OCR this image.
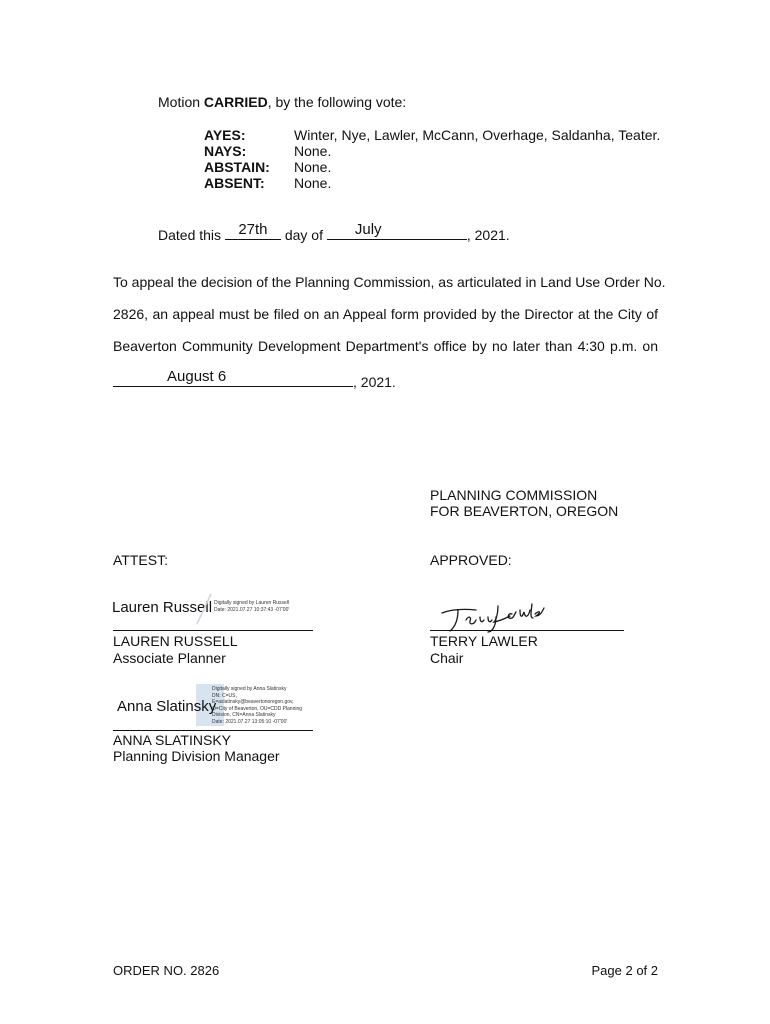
Motion CARRIED, by the following vote:
AYES:	Winter, Nye, Lawler, McCann, Overhage, Saldanha, Teater.
NAYS:	None.
ABSTAIN: None.
ABSENT: None.
Dated this 27th day of	July	, 2021.
To appeal the decision of the Planning Commission, as articulated in Land Use Order No.
2826, an appeal must be filed on an Appeal form provided by the Director at the City of
Beaverton Community Development Department's office by no later than 4:30 p.m. on
August 6	, 2021.
PLANNING COMMISSION
FOR BEAVERTON, OREGON
ATTEST:	APPROVED:
Lauren Russell Digitally signed by Lauren Russell
Date: 2021.07.27 10:37:43 -07'00'
LAUREN RUSSELL
Associate Planner
TERRY LAWLER
Chair
Anna Slatinsky
Digitally signed by Anna Slatinsky
DN: C=US,
E=aslatinsky@beavertonoregon.gov,
O=City of Beaverton, OU=CDD Planning
Division, CN=Anna Slatinsky
Date: 2021.07.27 13:05:10 -07'00'
ANNA SLATINSKY
Planning Division Manager
ORDER NO. 2826	Page 2 of 2
